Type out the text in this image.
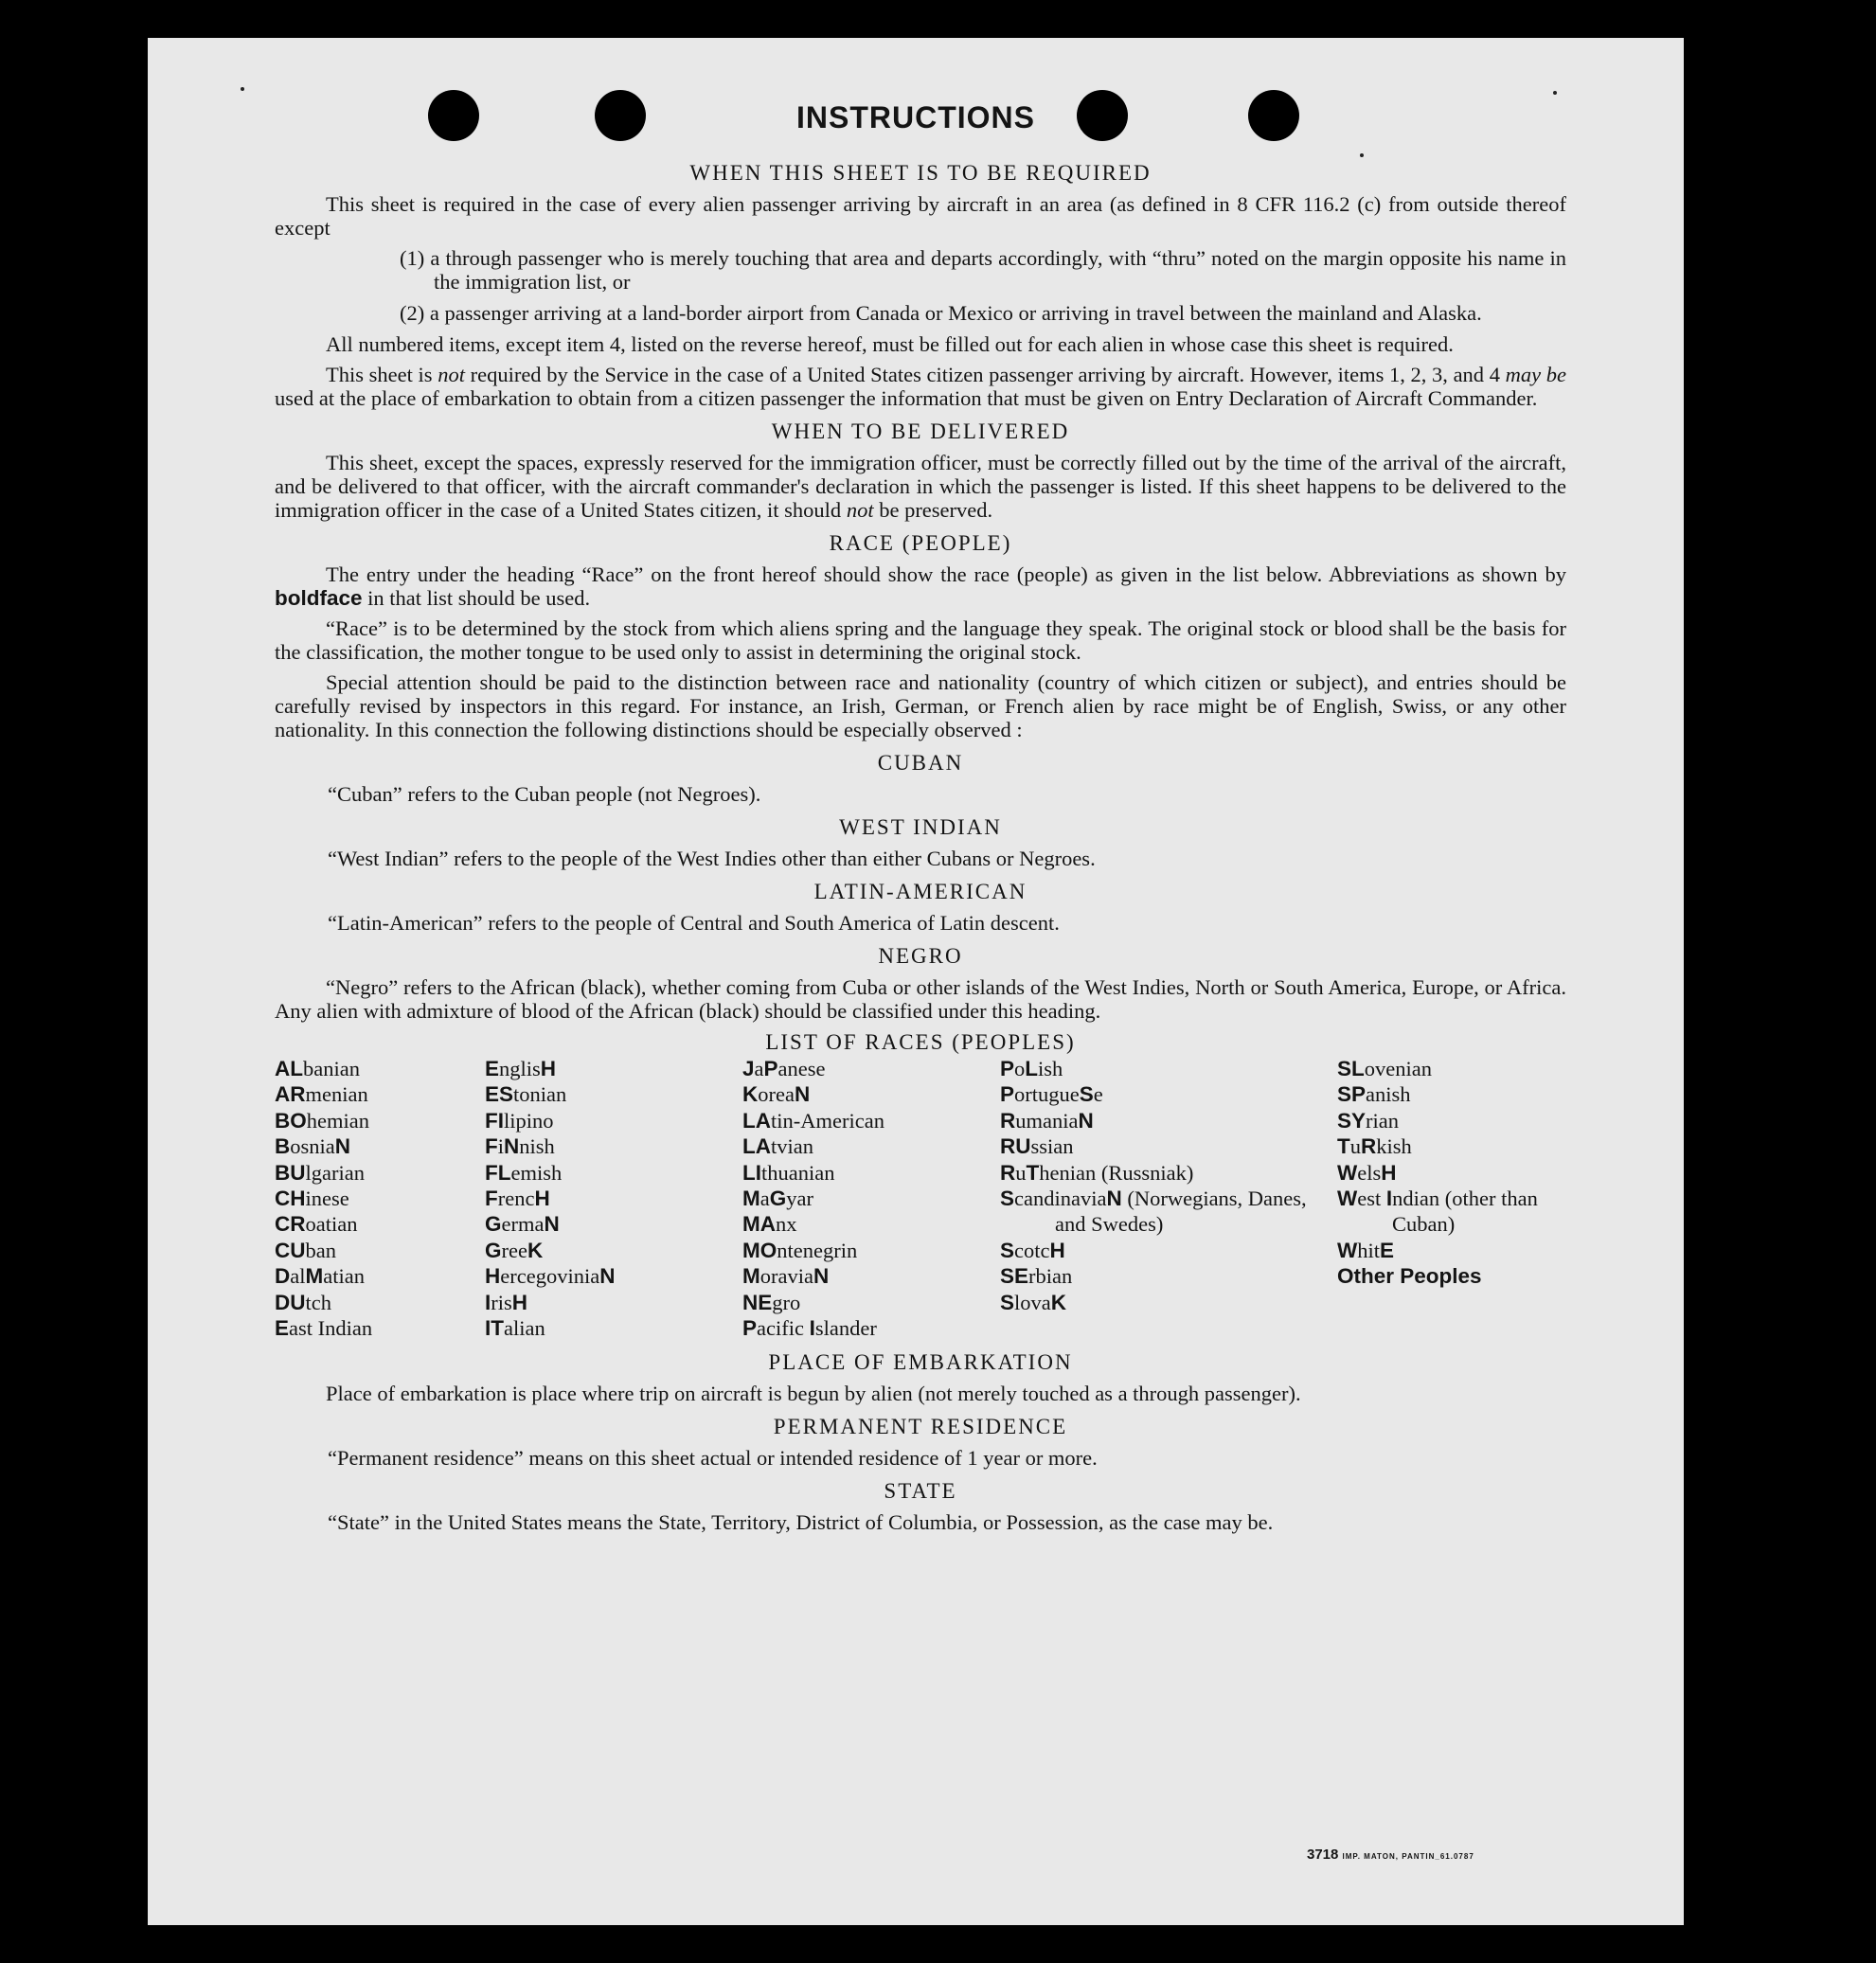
INSTRUCTIONS
WHEN THIS SHEET IS TO BE REQUIRED

This sheet is required in the case of every alien passenger arriving by aircraft in an area (as defined in 8 CFR 116.2 (c) from outside thereof except

(1) a through passenger who is merely touching that area and departs accordingly, with “thru” noted on the margin opposite his name in the immigration list, or
(2) a passenger arriving at a land-border airport from Canada or Mexico or arriving in travel between the mainland and Alaska.

All numbered items, except item 4, listed on the reverse hereof, must be filled out for each alien in whose case this sheet is required.

This sheet is not required by the Service in the case of a United States citizen passenger arriving by aircraft. However, items 1, 2, 3, and 4 may be used at the place of embarkation to obtain from a citizen passenger the information that must be given on Entry Declaration of Aircraft Commander.

WHEN TO BE DELIVERED

This sheet, except the spaces, expressly reserved for the immigration officer, must be correctly filled out by the time of the arrival of the aircraft, and be delivered to that officer, with the aircraft commander's declaration in which the passenger is listed. If this sheet happens to be delivered to the immigration officer in the case of a United States citizen, it should not be preserved.

RACE (PEOPLE)

The entry under the heading “Race” on the front hereof should show the race (people) as given in the list below. Abbreviations as shown by boldface in that list should be used.

“Race” is to be determined by the stock from which aliens spring and the language they speak. The original stock or blood shall be the basis for the classification, the mother tongue to be used only to assist in determining the original stock.

Special attention should be paid to the distinction between race and nationality (country of which citizen or subject), and entries should be carefully revised by inspectors in this regard. For instance, an Irish, German, or French alien by race might be of English, Swiss, or any other nationality. In this connection the following distinctions should be especially observed :

CUBAN
“Cuban” refers to the Cuban people (not Negroes).
WEST INDIAN
“West Indian” refers to the people of the West Indies other than either Cubans or Negroes.
LATIN-AMERICAN
“Latin-American” refers to the people of Central and South America of Latin descent.
NEGRO

“Negro” refers to the African (black), whether coming from Cuba or other islands of the West Indies, North or South America, Europe, or Africa. Any alien with admixture of blood of the African (black) should be classified under this heading.

LIST OF RACES (PEOPLES)
ALbanian
ARmenian
BOhemian
BosniaN
BUlgarian
CHinese
CRoatian
CUban
DalMatian
DUtch
East Indian
EnglisH
EStonian
FIlipino
FiNnish
FLemish
FrencH
GermaN
GreeK
HercegoviniaN
IrisH
ITalian
JaPanese
KoreaN
LAtin-American
LAtvian
LIthuanian
MaGyar
MAnx
MOntenegrin
MoraviaN
NEgro
Pacific Islander
PoLish
PortugueSe
RumaniaN
RUssian
RuThenian (Russniak)
ScandinaviaN (Norwegians, Danes, and Swedes)
ScotcH
SErbian
SlovaK
SLovenian
SPanish
SYrian
TuRkish
WelsH
West Indian (other than Cuban)
WhitE
Other Peoples
PLACE OF EMBARKATION

Place of embarkation is place where trip on aircraft is begun by alien (not merely touched as a through passenger).

PERMANENT RESIDENCE
“Permanent residence” means on this sheet actual or intended residence of 1 year or more.
STATE
“State” in the United States means the State, Territory, District of Columbia, or Possession, as the case may be.
3718 IMP. MATON, PANTIN_61.0787
